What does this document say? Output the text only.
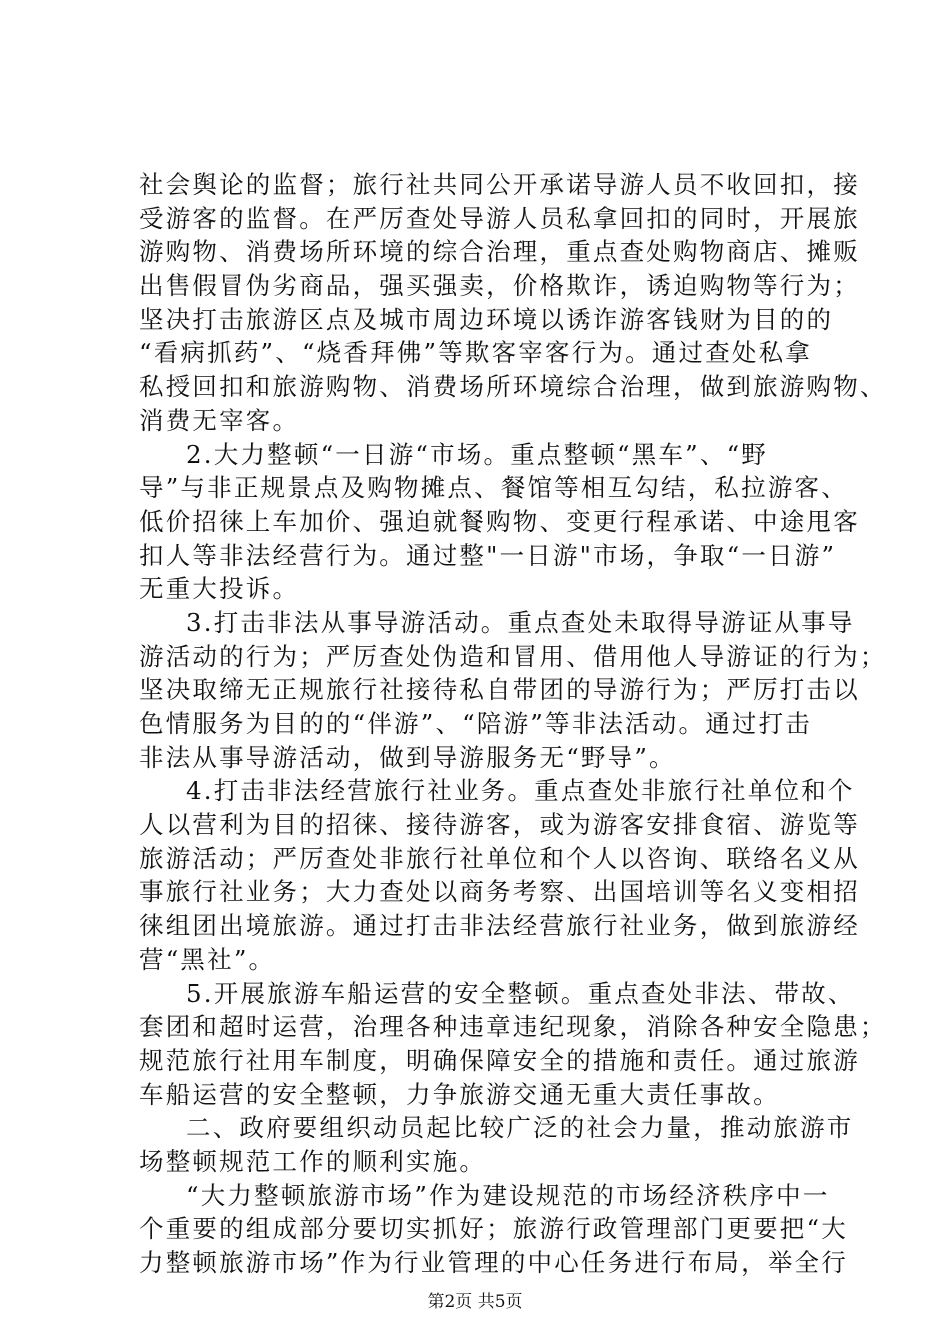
社会舆论的监督；旅行社共同公开承诺导游人员不收回扣，接
受游客的监督。在严厉查处导游人员私拿回扣的同时，开展旅
游购物、消费场所环境的综合治理，重点查处购物商店、摊贩
出售假冒伪劣商品，强买强卖，价格欺诈，诱迫购物等行为；
坚决打击旅游区点及城市周边环境以诱诈游客钱财为目的的
“看病抓药”、“烧香拜佛”等欺客宰客行为。通过查处私拿
私授回扣和旅游购物、消费场所环境综合治理，做到旅游购物、
消费无宰客。
2.大力整顿“一日游“市场。重点整顿“黑车”、“野
导”与非正规景点及购物摊点、餐馆等相互勾结，私拉游客、
低价招徕上车加价、强迫就餐购物、变更行程承诺、中途甩客
扣人等非法经营行为。通过整"一日游"市场，争取“一日游”
无重大投诉。
3.打击非法从事导游活动。重点查处未取得导游证从事导
游活动的行为；严厉查处伪造和冒用、借用他人导游证的行为；
坚决取缔无正规旅行社接待私自带团的导游行为；严厉打击以
色情服务为目的的“伴游”、“陪游”等非法活动。通过打击
非法从事导游活动，做到导游服务无“野导”。
4.打击非法经营旅行社业务。重点查处非旅行社单位和个
人以营利为目的招徕、接待游客，或为游客安排食宿、游览等
旅游活动；严厉查处非旅行社单位和个人以咨询、联络名义从
事旅行社业务；大力查处以商务考察、出国培训等名义变相招
徕组团出境旅游。通过打击非法经营旅行社业务，做到旅游经
营“黑社”。
5.开展旅游车船运营的安全整顿。重点查处非法、带故、
套团和超时运营，治理各种违章违纪现象，消除各种安全隐患；
规范旅行社用车制度，明确保障安全的措施和责任。通过旅游
车船运营的安全整顿，力争旅游交通无重大责任事故。
二、政府要组织动员起比较广泛的社会力量，推动旅游市
场整顿规范工作的顺利实施。
“大力整顿旅游市场”作为建设规范的市场经济秩序中一
个重要的组成部分要切实抓好；旅游行政管理部门更要把“大
力整顿旅游市场”作为行业管理的中心任务进行布局，举全行
第2页 共5页
